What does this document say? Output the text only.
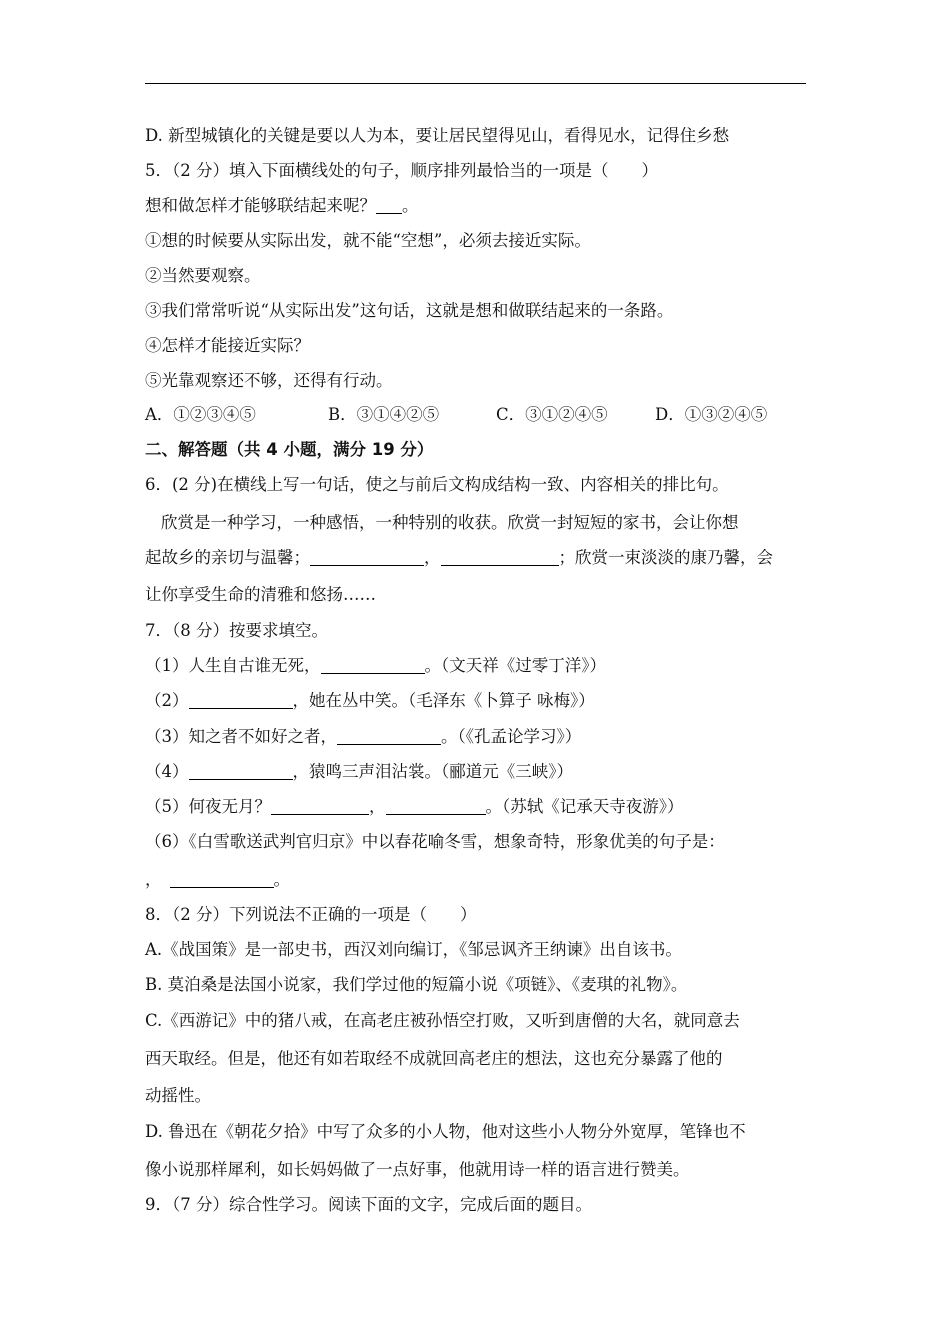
D. 新型城镇化的关键是要以人为本，要让居民望得见山，看得见水，记得住乡愁
5．（2 分）填入下面横线处的句子，顺序排列最恰当的一项是（　　）
想和做怎样才能够联结起来呢？ 。
①想的时候要从实际出发，就不能“空想”，必须去接近实际。
②当然要观察。
③我们常常听说“从实际出发”这句话，这就是想和做联结起来的一条路。
④怎样才能接近实际？
⑤光靠观察还不够，还得有行动。
A．①②③④⑤	B．③①④②⑤	C．③①②④⑤	D．①③②④⑤
二、解答题（共 4 小题，满分 19 分）
6．(2 分)在横线上写一句话，使之与前后文构成结构一致、内容相关的排比句。
欣赏是一种学习，一种感悟，一种特别的收获。欣赏一封短短的家书，会让你想
起故乡的亲切与温馨；	，	；欣赏一束淡淡的康乃馨，会
让你享受生命的清雅和悠扬……
7．（8 分）按要求填空。
（1）人生自古谁无死，	。（文天祥《过零丁洋》）
（2）	，她在丛中笑。（毛泽东《卜算子 咏梅》）
（3）知之者不如好之者，	。（《孔孟论学习》）
（4）	，猿鸣三声泪沾裳。（郦道元《三峡》）
（5）何夜无月？	，	。（苏轼《记承天寺夜游》）
（6）《白雪歌送武判官归京》中以春花喻冬雪，想象奇特，形象优美的句子是：
，	。
8．（2 分）下列说法不正确的一项是（　　）
A.《战国策》是一部史书，西汉刘向编订，《邹忌讽齐王纳谏》出自该书。
B. 莫泊桑是法国小说家，我们学过他的短篇小说《项链》、《麦琪的礼物》。
C.《西游记》中的猪八戒，在高老庄被孙悟空打败，又听到唐僧的大名，就同意去
西天取经。但是，他还有如若取经不成就回高老庄的想法，这也充分暴露了他的
动摇性。
D. 鲁迅在《朝花夕拾》中写了众多的小人物，他对这些小人物分外宽厚，笔锋也不
像小说那样犀利，如长妈妈做了一点好事，他就用诗一样的语言进行赞美。
9．（7 分）综合性学习。阅读下面的文字，完成后面的题目。
